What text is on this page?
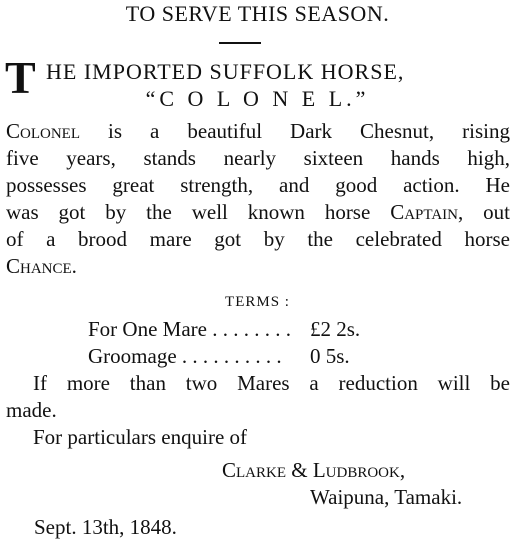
TO SERVE THIS SEASON.
T HE IMPORTED SUFFOLK HORSE,
“C O L O N E L.”
Colonel is a beautiful Dark Chesnut, rising
five years, stands nearly sixteen hands high,
possesses great strength, and good action. He
was got by the well known horse Captain, out
of a brood mare got by the celebrated horse
Chance.
TERMS :
For One Mare . . . . . . . . £2 2s.
Groomage . . . . . . . . . . 0 5s.
If more than two Mares a reduction will be
made.
For particulars enquire of
Clarke & Ludbrook,
Waipuna, Tamaki.
Sept. 13th, 1848.
